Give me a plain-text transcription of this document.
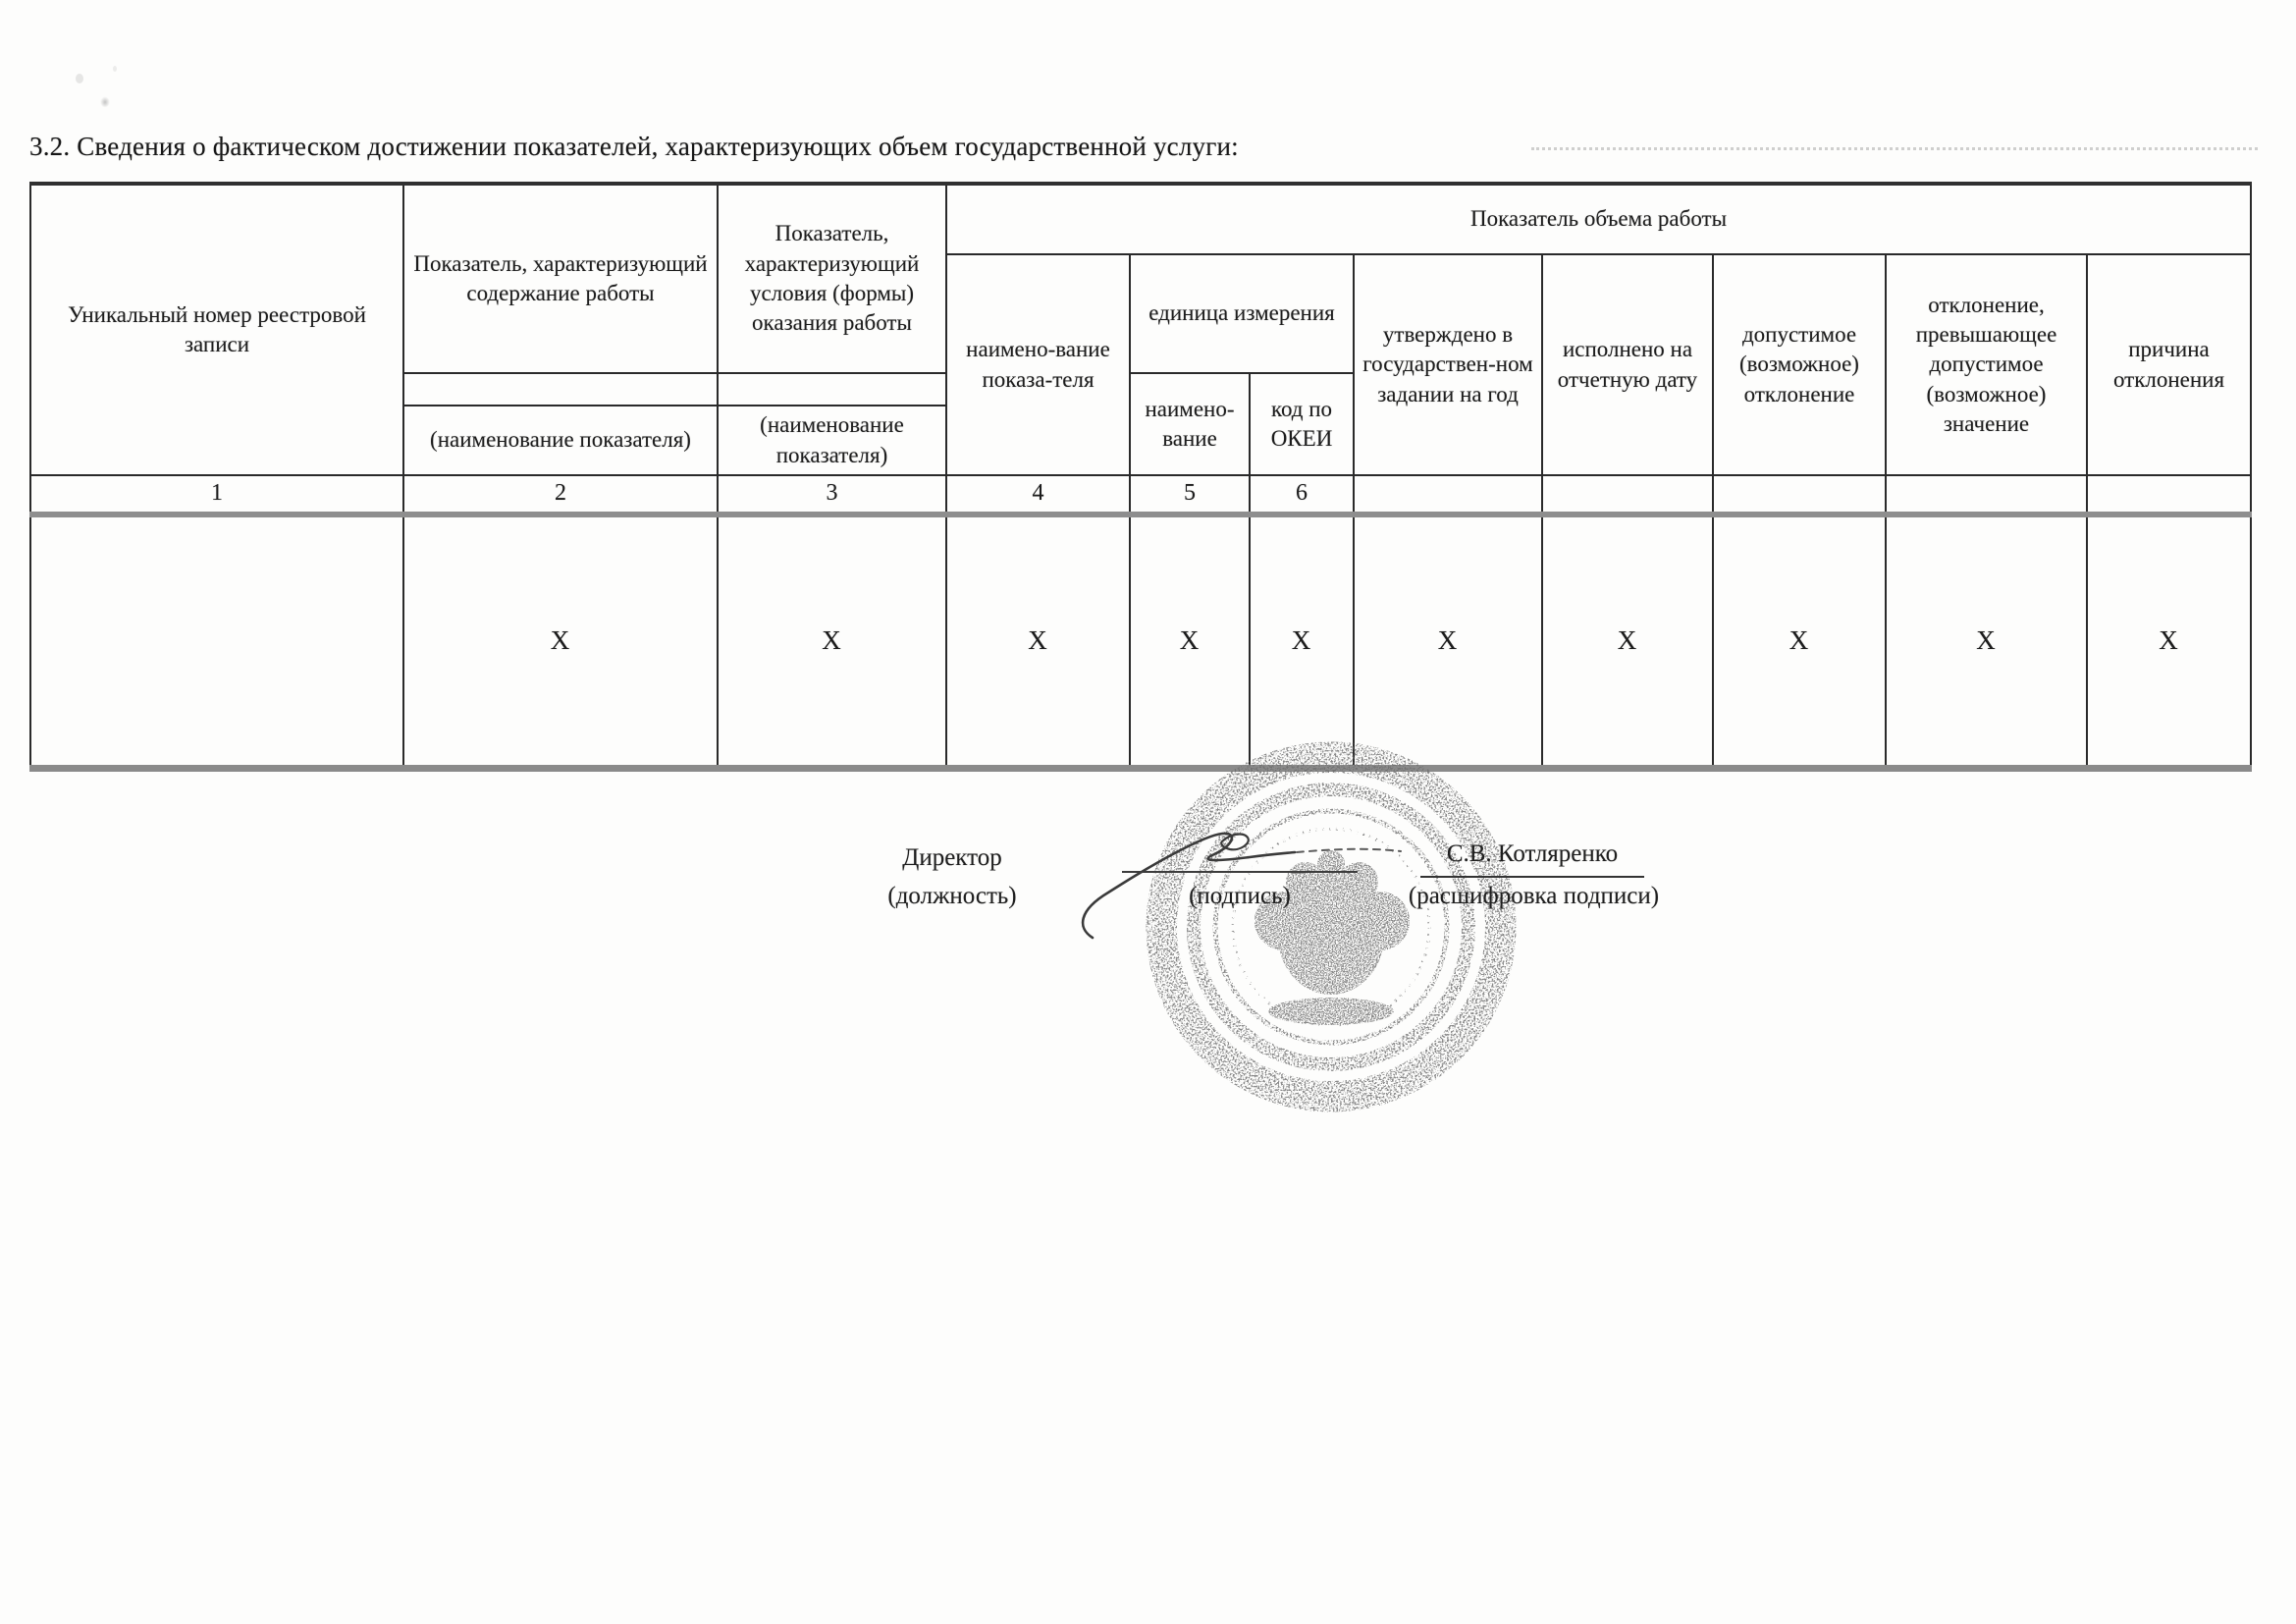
3.2. Сведения о фактическом достижении показателей, характеризующих объем государственной услуги:
Уникальный номер реестровой записи	Показатель, характеризующий содержание работы	Показатель, характеризующий условия (формы) оказания работы	Показатель объема работы							
			наимено-вание показа-теля	единица измерения		утверждено в государствен-ном задании на год	исполнено на отчетную дату	допустимое (возможное) отклонение	отклонение, превышающее допустимое (возможное) значение	причина отклонения
				наимено-вание	код по ОКЕИ					
	(наименование показателя)	(наименование показателя)								
1	2	3	4	5	6					
	X	X	X	X	X	X	X	X	X	X
Директор
(должность)	(подпись)
С.В. Котляренко
(расшифровка подписи)
